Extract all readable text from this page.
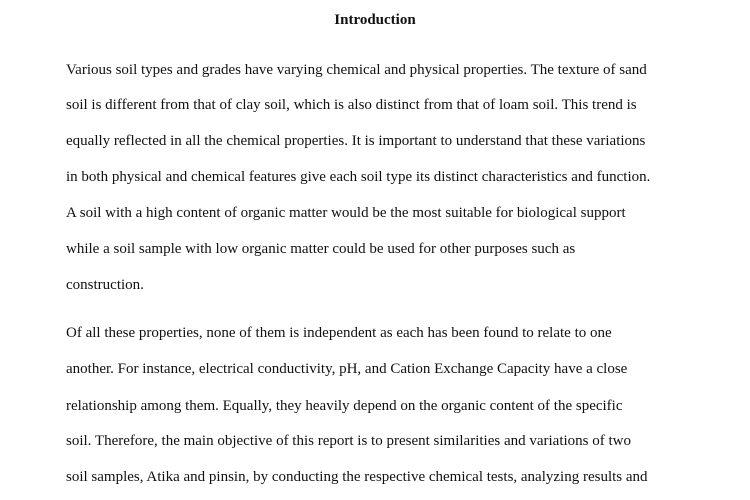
Introduction
Various soil types and grades have varying chemical and physical properties. The texture of sand
soil is different from that of clay soil, which is also distinct from that of loam soil. This trend is
equally reflected in all the chemical properties. It is important to understand that these variations
in both physical and chemical features give each soil type its distinct characteristics and function.
A soil with a high content of organic matter would be the most suitable for biological support
while a soil sample with low organic matter could be used for other purposes such as
construction.
Of all these properties, none of them is independent as each has been found to relate to one
another. For instance, electrical conductivity, pH, and Cation Exchange Capacity have a close
relationship among them. Equally, they heavily depend on the organic content of the specific
soil. Therefore, the main objective of this report is to present similarities and variations of two
soil samples, Atika and pinsin, by conducting the respective chemical tests, analyzing results and
